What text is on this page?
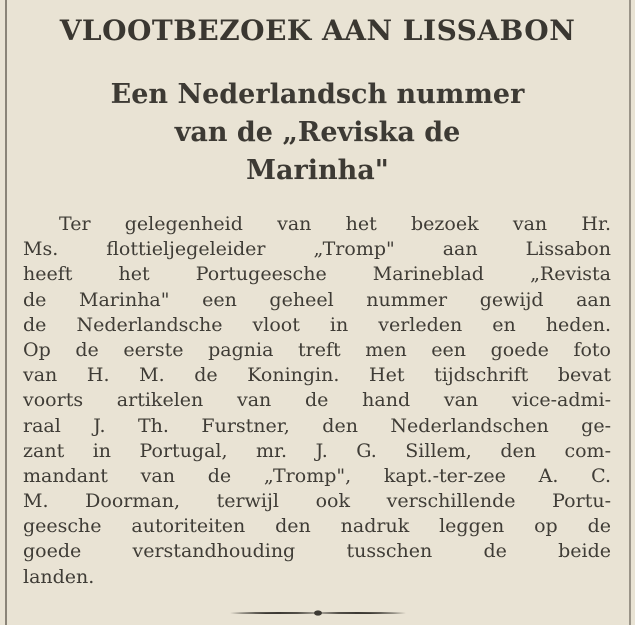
VLOOTBEZOEK AAN LISSABON
Een Nederlandsch nummer
van de „Reviska de
Marinha"
Ter gelegenheid van het bezoek van Hr.
Ms. flottieljegeleider „Tromp" aan Lissabon
heeft het Portugeesche Marineblad „Revista
de Marinha" een geheel nummer gewijd aan
de Nederlandsche vloot in verleden en heden.
Op de eerste pagnia treft men een goede foto
van H. M. de Koningin. Het tijdschrift bevat
voorts artikelen van de hand van vice-admi-
raal J. Th. Furstner, den Nederlandschen ge-
zant in Portugal, mr. J. G. Sillem, den com-
mandant van de „Tromp", kapt.-ter-zee A. C.
M. Doorman, terwijl ook verschillende Portu-
geesche autoriteiten den nadruk leggen op de
goede verstandhouding tusschen de beide
landen.
